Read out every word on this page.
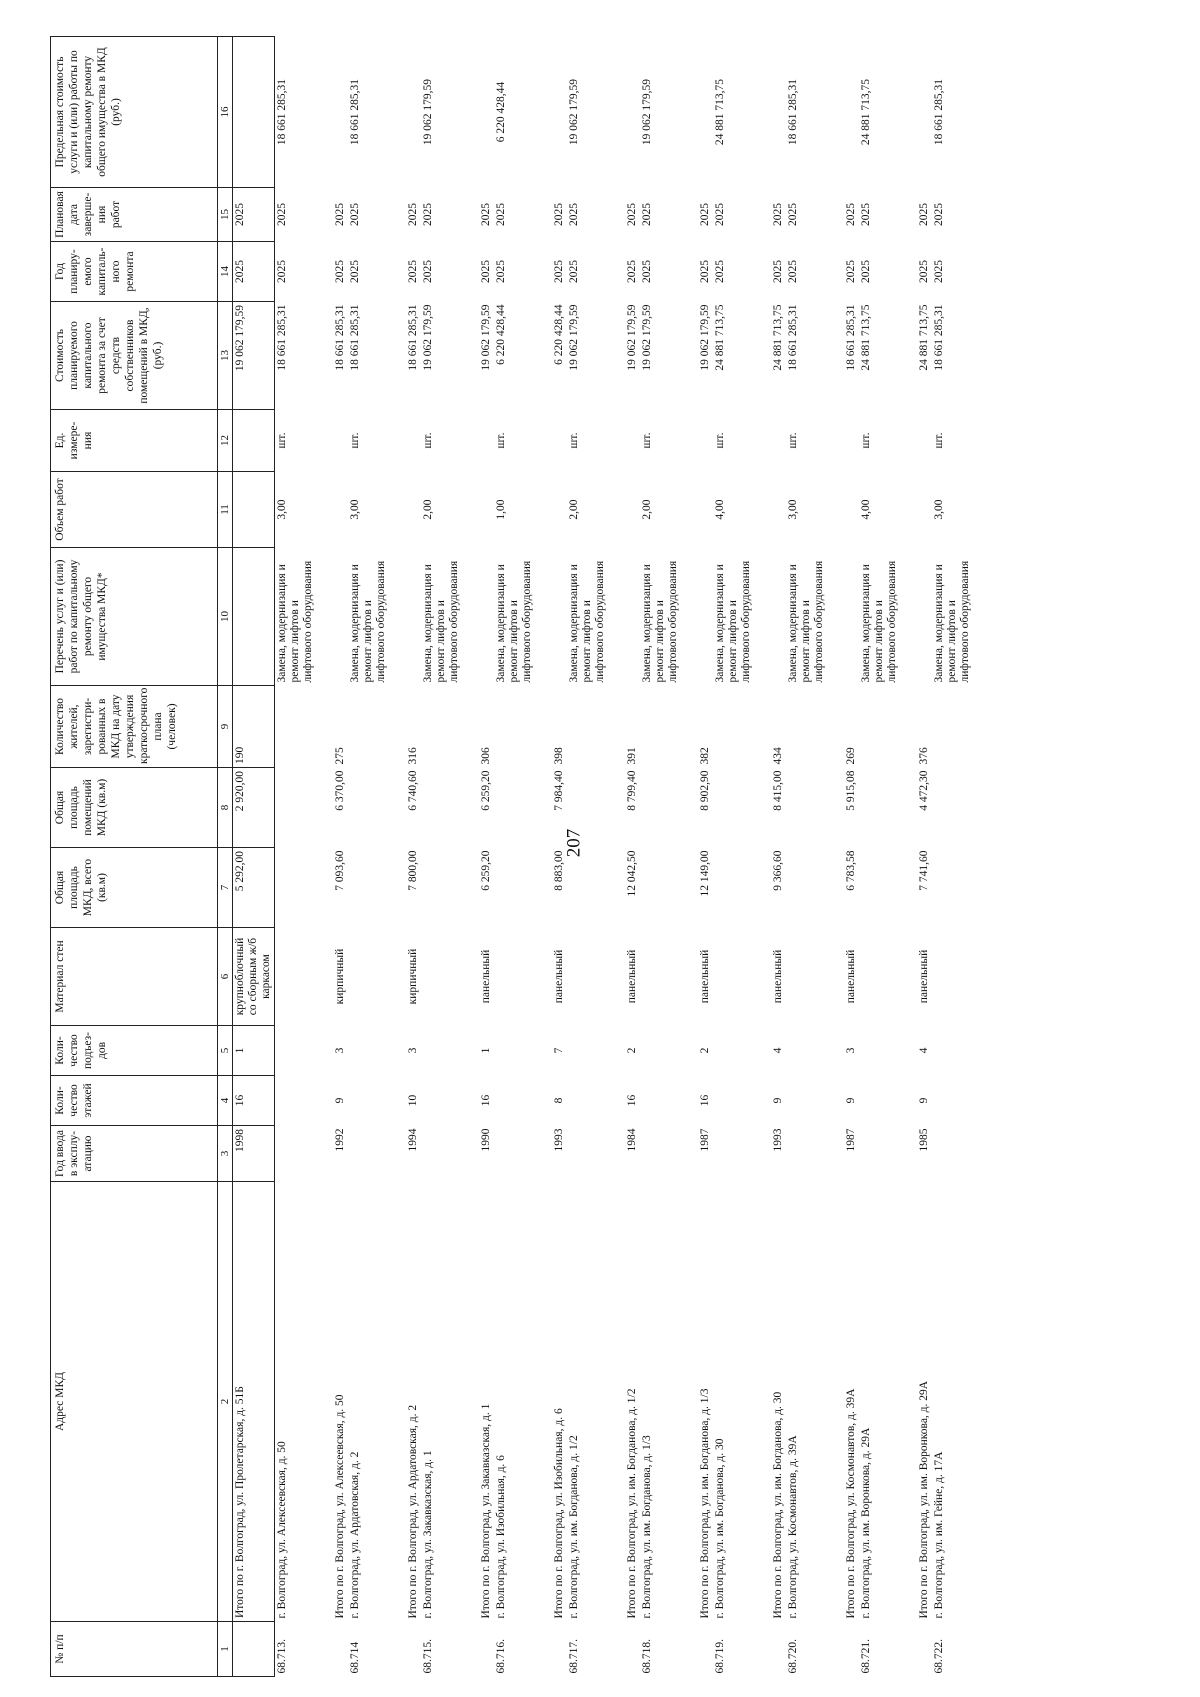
207
№ п/п	Адрес МКД	Год ввода в эксплу-атацию	Коли-чество этажей	Коли-чество подъез-дов	Материал стен	Общая площадь МКД, всего (кв.м)	Общая площадь помещений МКД (кв.м)	Количество жителей, зарегистри-рованных в МКД на дату утверждения краткосрочного плана (человек)	Перечень услуг и (или) работ по капитальному ремонту общего имущества МКД*	Объем работ	Ед. измере-ния	Стоимость планируемого капитального ремонта за счет средств собственников помещений в МКД, (руб.)	Год планиру-емого капиталь-ного ремонта	Плановая дата заверше-ния работ	Предельная стоимость услуги и (или) работы по капитальному ремонту общего имущества в МКД (руб.)
1	2	3	4	5	6	7	8	9	10	11	12	13	14	15	16
	Итого по г. Волгоград, ул. Пролетарская, д. 51Б	1998	16	1	крупноблочный со сборным ж/б каркасом	5 292,00	2 920,00	190				19 062 179,59	2025	2025	
68.713.	г. Волгоград, ул. Алексеевская, д. 50								Замена, модернизация и ремонт лифтов и лифтового оборудования	3,00	шт.	18 661 285,31	2025	2025	18 661 285,31
	Итого по г. Волгоград, ул. Алексеевская, д. 50	1992	9	3	кирпичный	7 093,60	6 370,00	275				18 661 285,31	2025	2025	
68.714	г. Волгоград, ул. Ардатовская, д. 2								Замена, модернизация и ремонт лифтов и лифтового оборудования	3,00	шт.	18 661 285,31	2025	2025	18 661 285,31
	Итого по г. Волгоград, ул. Ардатовская, д. 2	1994	10	3	кирпичный	7 800,00	6 740,60	316				18 661 285,31	2025	2025	
68.715.	г. Волгоград, ул. Закавказская, д. 1								Замена, модернизация и ремонт лифтов и лифтового оборудования	2,00	шт.	19 062 179,59	2025	2025	19 062 179,59
	Итого по г. Волгоград, ул. Закавказская, д. 1	1990	16	1	панельный	6 259,20	6 259,20	306				19 062 179,59	2025	2025	
68.716.	г. Волгоград, ул. Изобильная, д. 6								Замена, модернизация и ремонт лифтов и лифтового оборудования	1,00	шт.	6 220 428,44	2025	2025	6 220 428,44
	Итого по г. Волгоград, ул. Изобильная, д. 6	1993	8	7	панельный	8 883,00	7 984,40	398				6 220 428,44	2025	2025	
68.717.	г. Волгоград, ул. им. Богданова, д. 1/2								Замена, модернизация и ремонт лифтов и лифтового оборудования	2,00	шт.	19 062 179,59	2025	2025	19 062 179,59
	Итого по г. Волгоград, ул. им. Богданова, д. 1/2	1984	16	2	панельный	12 042,50	8 799,40	391				19 062 179,59	2025	2025	
68.718.	г. Волгоград, ул. им. Богданова, д. 1/3								Замена, модернизация и ремонт лифтов и лифтового оборудования	2,00	шт.	19 062 179,59	2025	2025	19 062 179,59
	Итого по г. Волгоград, ул. им. Богданова, д. 1/3	1987	16	2	панельный	12 149,00	8 902,90	382				19 062 179,59	2025	2025	
68.719.	г. Волгоград, ул. им. Богданова, д. 30								Замена, модернизация и ремонт лифтов и лифтового оборудования	4,00	шт.	24 881 713,75	2025	2025	24 881 713,75
	Итого по г. Волгоград, ул. им. Богданова, д. 30	1993	9	4	панельный	9 366,60	8 415,00	434				24 881 713,75	2025	2025	
68.720.	г. Волгоград, ул. Космонавтов, д. 39А								Замена, модернизация и ремонт лифтов и лифтового оборудования	3,00	шт.	18 661 285,31	2025	2025	18 661 285,31
	Итого по г. Волгоград, ул. Космонавтов, д. 39А	1987	9	3	панельный	6 783,58	5 915,08	269				18 661 285,31	2025	2025	
68.721.	г. Волгоград, ул. им. Воронкова, д. 29А								Замена, модернизация и ремонт лифтов и лифтового оборудования	4,00	шт.	24 881 713,75	2025	2025	24 881 713,75
	Итого по г. Волгоград, ул. им. Воронкова, д. 29А	1985	9	4	панельный	7 741,60	4 472,30	376				24 881 713,75	2025	2025	
68.722.	г. Волгоград, ул. им. Гейне, д. 17А								Замена, модернизация и ремонт лифтов и лифтового оборудования	3,00	шт.	18 661 285,31	2025	2025	18 661 285,31
